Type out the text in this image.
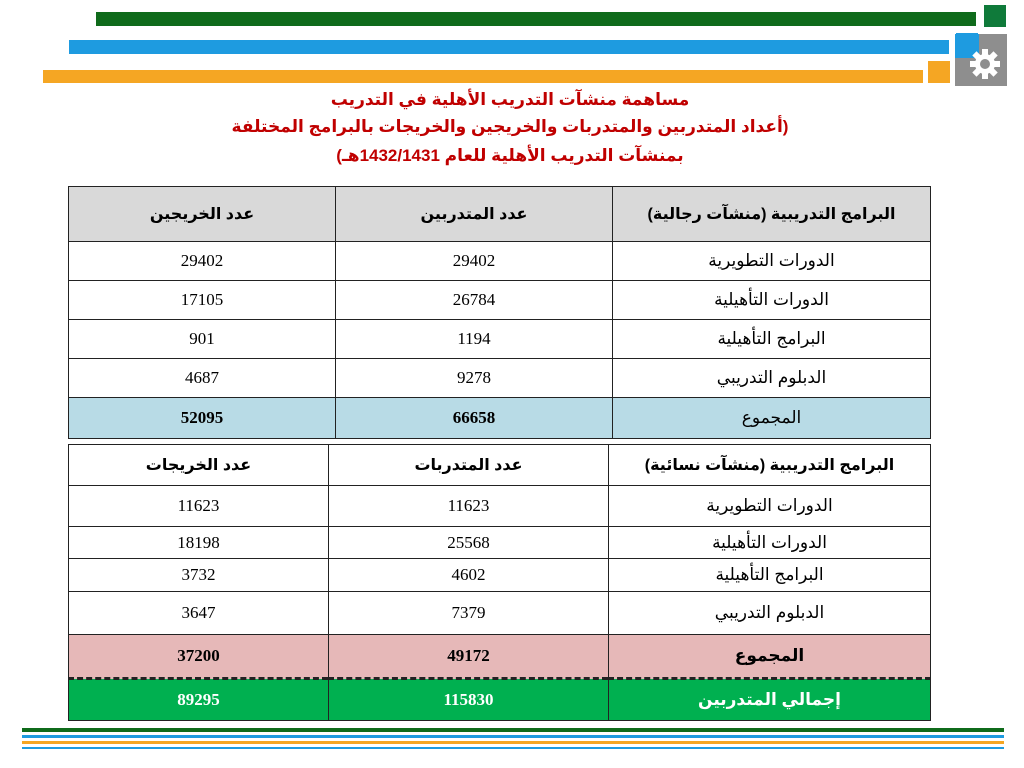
مساهمة منشآت التدريب الأهلية في التدريب
(أعداد المتدربين والمتدربات والخريجين والخريجات بالبرامج المختلفة
بمنشآت التدريب الأهلية للعام 1432/1431هـ)
البرامج التدريبية (منشآت رجالية)	عدد المتدربين	عدد الخريجين
الدورات التطويرية	29402	29402
الدورات التأهيلية	26784	17105
البرامج التأهيلية	1194	901
الدبلوم التدريبي	9278	4687
المجموع	66658	52095
البرامج التدريبية (منشآت نسائية)	عدد المتدربات	عدد الخريجات
الدورات التطويرية	11623	11623
الدورات التأهيلية	25568	18198
البرامج التأهيلية	4602	3732
الدبلوم التدريبي	7379	3647
المجموع	49172	37200
إجمالي المتدربين	115830	89295
